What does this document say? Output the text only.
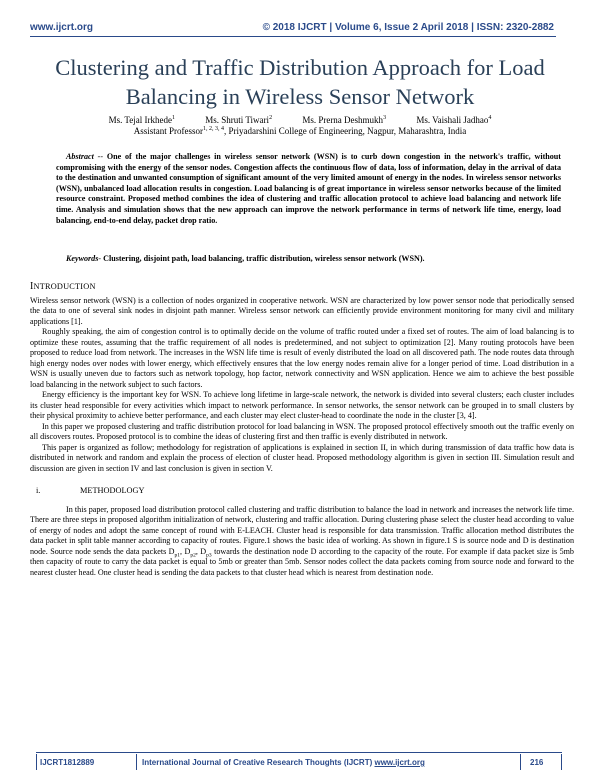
www.ijcrt.org	© 2018 IJCRT | Volume 6, Issue 2 April 2018 | ISSN: 2320-2882
Clustering and Traffic Distribution Approach for Load
Balancing in Wireless Sensor Network
Ms. Tejal Irkhede$^1$	Ms. Shruti Tiwari$^2$	Ms. Prerna Deshmukh$^3$	Ms. Vaishali Jadhao$^4$
Assistant Professor$^{1, 2, 3, 4}$, Priyadarshini College of Engineering, Nagpur, Maharashtra, India

Abstract -- One of the major challenges in wireless sensor network (WSN) is to curb down congestion in the network's traffic, without compromising with the energy of the sensor nodes. Congestion affects the continuous flow of data, loss of information, delay in the arrival of data to the destination and unwanted consumption of significant amount of the very limited amount of energy in the nodes. In wireless sensor networks (WSN), unbalanced load allocation results in congestion. Load balancing is of great importance in wireless sensor networks because of the limited resource constraint. Proposed method combines the idea of clustering and traffic allocation protocol to achieve load balancing and network life time. Analysis and simulation shows that the new approach can improve the network performance in terms of network life time, energy, load balancing, end-to-end delay, packet drop ratio.

Keywords- Clustering, disjoint path, load balancing, traffic distribution, wireless sensor network (WSN).

INTRODUCTION

Wireless sensor network (WSN) is a collection of nodes organized in cooperative network. WSN are characterized by low power sensor node that periodically sensed the data to one of several sink nodes in disjoint path manner. Wireless sensor network can efficiently provide environment monitoring for many civil and military applications [1].

Roughly speaking, the aim of congestion control is to optimally decide on the volume of traffic routed under a fixed set of routes. The aim of load balancing is to optimize these routes, assuming that the traffic requirement of all nodes is predetermined, and not subject to optimization [2]. Many routing protocols have been proposed to reduce load from network. The increases in the WSN life time is result of evenly distributed the load on all discovered path. The node routes data through high energy nodes over nodes with lower energy, which effectively ensures that the low energy nodes remain alive for a longer period of time. Load distribution in a WSN is usually uneven due to factors such as network topology, hop factor, network connectivity and WSN application. Hence we aim to achieve the best possible load balancing in the network subject to such factors.

Energy efficiency is the important key for WSN. To achieve long lifetime in large-scale network, the network is divided into several clusters; each cluster includes its cluster head responsible for every activities which impact to network performance. In sensor networks, the sensor network can be grouped in to small clusters by their physical proximity to achieve better performance, and each cluster may elect cluster-head to coordinate the node in the cluster [3, 4].

In this paper we proposed clustering and traffic distribution protocol for load balancing in WSN. The proposed protocol effectively smooth out the traffic evenly on all discovers routes. Proposed protocol is to combine the ideas of clustering first and then traffic is evenly distributed in network.

This paper is organized as follow; methodology for registration of applications is explained in section II, in which during transmission of data traffic how data is distributed in network and random and explain the process of election of cluster head. Proposed methodology algorithm is given in section III. Simulation result and discussion are given in section IV and last conclusion is given in section V.

i.	METHODOLOGY

In this paper, proposed load distribution protocol called clustering and traffic distribution to balance the load in network and increases the network life time. There are three steps in proposed algorithm initialization of network, clustering and traffic allocation. During clustering phase select the cluster head according to value of energy of nodes and adopt the same concept of round with E-LEACH. Cluster head is responsible for data transmission. Traffic allocation method distributes the data packet in split table manner according to capacity of routes. Figure.1 shows the basic idea of working. As shown in figure.1 S is source node and D is destination node. Source node sends the data packets $D_{p1}$, $D_{p2}$, $D_{p3}$ towards the destination node D according to the capacity of the route. For example if data packet size is 5mb then capacity of route to carry the data packet is equal to 5mb or greater than 5mb. Sensor nodes collect the data packets coming from source node and forward to the nearest cluster head. One cluster head is sending the data packets to that cluster head which is nearest from destination node.

IJCRT1812889	International Journal of Creative Research Thoughts (IJCRT) www.ijcrt.org	216
